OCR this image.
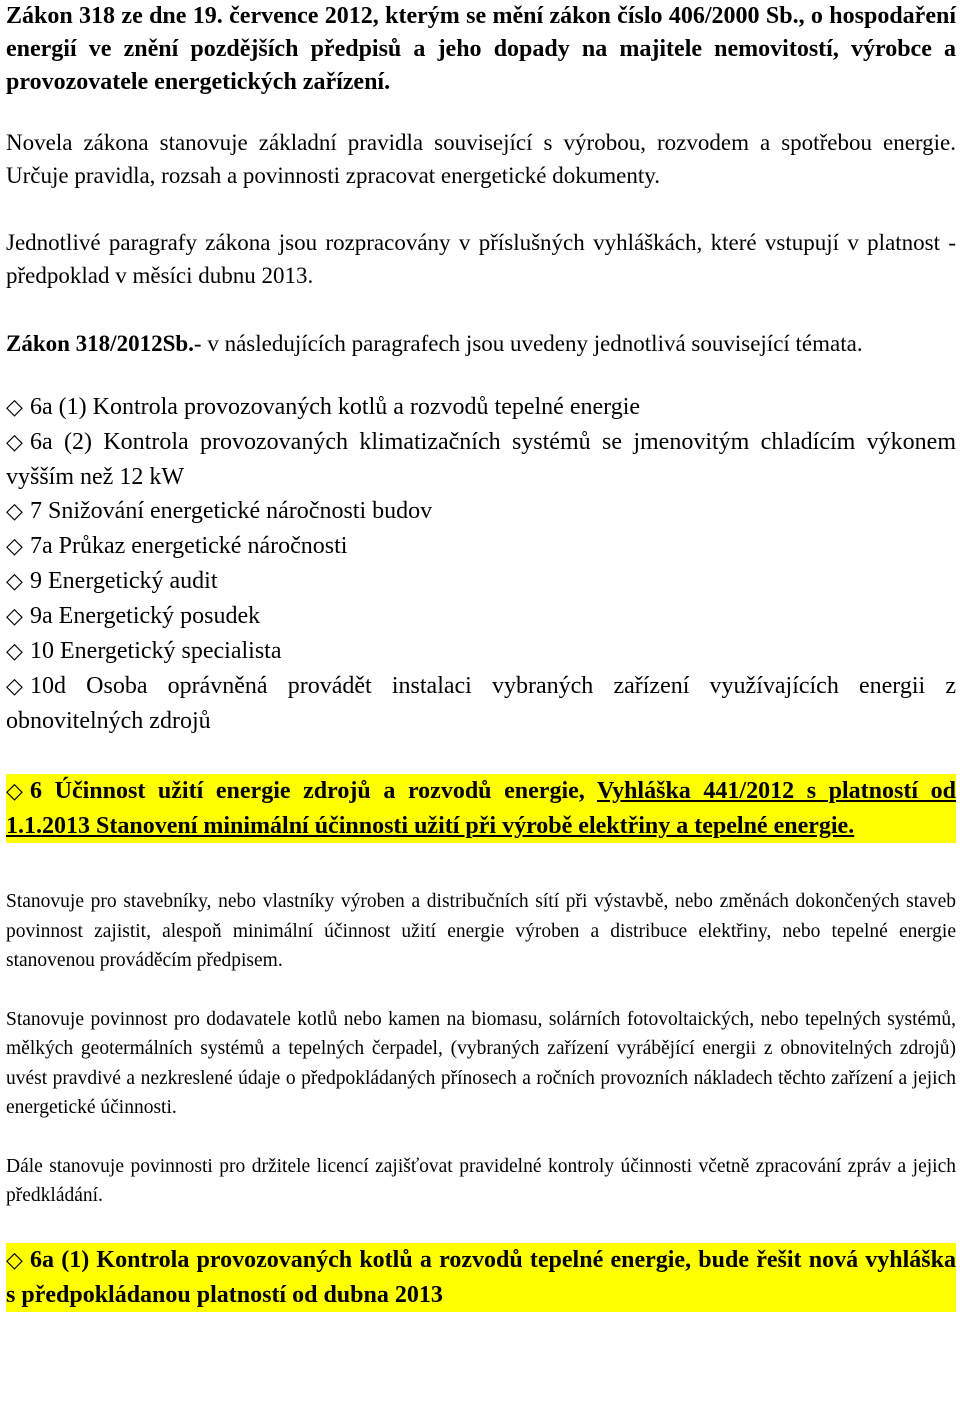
Zákon 318 ze dne 19. července 2012, kterým se mění zákon číslo 406/2000 Sb., o hospodaření energií ve znění pozdějších předpisů a jeho dopady na majitele nemovitostí, výrobce a provozovatele energetických zařízení.

Novela zákona stanovuje základní pravidla související s výrobou, rozvodem a spotřebou energie. Určuje pravidla, rozsah a povinnosti zpracovat energetické dokumenty.

Jednotlivé paragrafy zákona jsou rozpracovány v příslušných vyhláškách, které vstupují v platnost - předpoklad v měsíci dubnu 2013.

Zákon 318/2012Sb.- v následujících paragrafech jsou uvedeny jednotlivá související témata.

◇ 6a (1) Kontrola provozovaných kotlů a rozvodů tepelné energie
◇ 6a (2) Kontrola provozovaných klimatizačních systémů se jmenovitým chladícím výkonem vyšším než 12 kW
◇ 7 Snižování energetické náročnosti budov
◇ 7a Průkaz energetické náročnosti
◇ 9 Energetický audit
◇ 9a Energetický posudek
◇ 10 Energetický specialista
◇ 10d Osoba oprávněná provádět instalaci vybraných zařízení využívajících energii z obnovitelných zdrojů

◇ 6 Účinnost užití energie zdrojů a rozvodů energie, Vyhláška 441/2012 s platností od 1.1.2013 Stanovení minimální účinnosti užití při výrobě elektřiny a tepelné energie.

Stanovuje pro stavebníky, nebo vlastníky výroben a distribučních sítí při výstavbě, nebo změnách dokončených staveb povinnost zajistit, alespoň minimální účinnost užití energie výroben a distribuce elektřiny, nebo tepelné energie stanovenou prováděcím předpisem.

Stanovuje povinnost pro dodavatele kotlů nebo kamen na biomasu, solárních fotovoltaických, nebo tepelných systémů, mělkých geotermálních systémů a tepelných čerpadel, (vybraných zařízení vyrábějící energii z obnovitelných zdrojů) uvést pravdivé a nezkreslené údaje o předpokládaných přínosech a ročních provozních nákladech těchto zařízení a jejich energetické účinnosti.

Dále stanovuje povinnosti pro držitele licencí zajišťovat pravidelné kontroly účinnosti včetně zpracování zpráv a jejich předkládání.

◇ 6a (1) Kontrola provozovaných kotlů a rozvodů tepelné energie, bude řešit nová vyhláška s předpokládanou platností od dubna 2013
